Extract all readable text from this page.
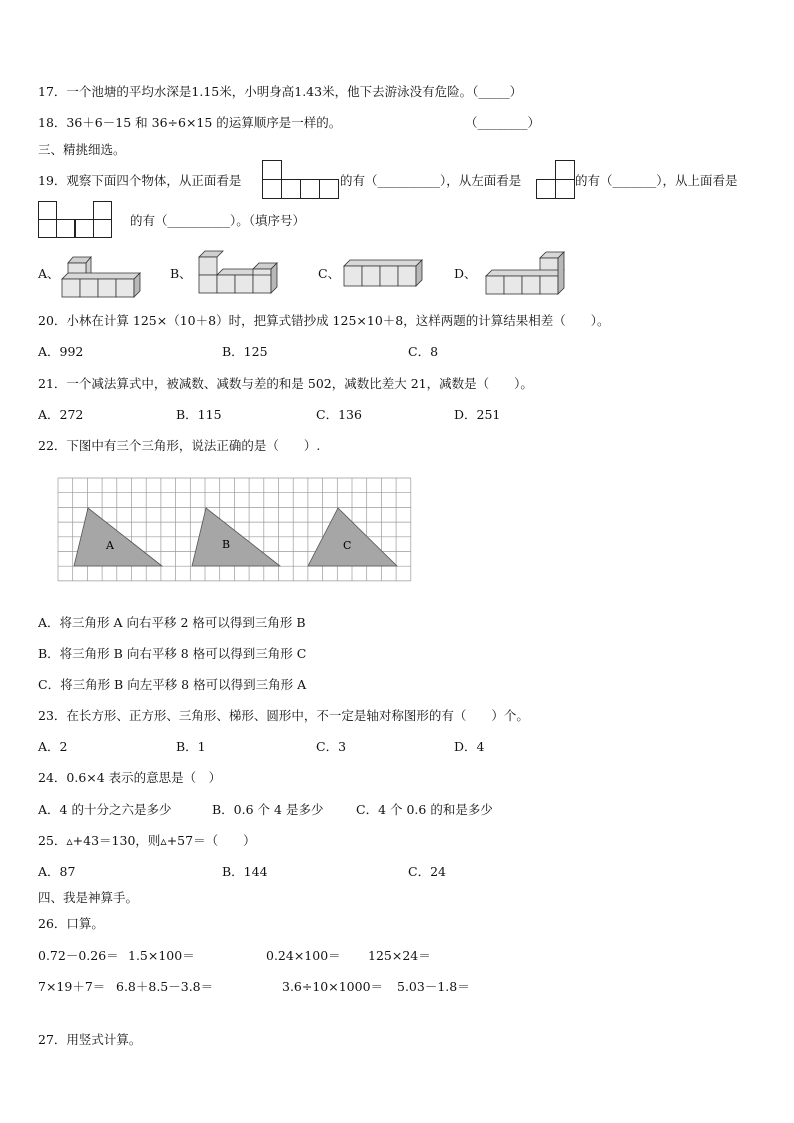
17．一个池塘的平均水深是1.15米，小明身高1.43米，他下去游泳没有危险。（_____）
18．36＋6－15 和 36÷6×15 的运算顺序是一样的。	（________）
三、精挑细选。
19．观察下面四个物体，从正面看是	的有（__________），从左面看是	的有（_______），从上面看是
的有（__________）。（填序号）
A、	B、	C、	D、
20．小林在计算 125×（10＋8）时，把算式错抄成 125×10＋8，这样两题的计算结果相差（　　）。
A．992	B．125	C．8
21．一个减法算式中，被减数、减数与差的和是 502，减数比差大 21，减数是（　　）。
A．272	B．115	C．136	D．251
22．下图中有三个三角形，说法正确的是（　　）.
A	B	C
A．将三角形 A 向右平移 2 格可以得到三角形 B
B．将三角形 B 向右平移 8 格可以得到三角形 C
C．将三角形 B 向左平移 8 格可以得到三角形 A
23．在长方形、正方形、三角形、梯形、圆形中，不一定是轴对称图形的有（　　）个。
A．2	B．1	C．3	D．4
24．0.6×4 表示的意思是（　）
A．4 的十分之六是多少	B．0.6 个 4 是多少	C．4 个 0.6 的和是多少
25．▵+43＝130，则▵+57＝（　　）
A．87	B．144	C．24
四、我是神算手。
26．口算。
0.72－0.26＝ 1.5×100＝	0.24×100＝ 125×24＝
7×19＋7＝ 6.8＋8.5－3.8＝	3.6÷10×1000＝ 5.03－1.8＝
27．用竖式计算。
